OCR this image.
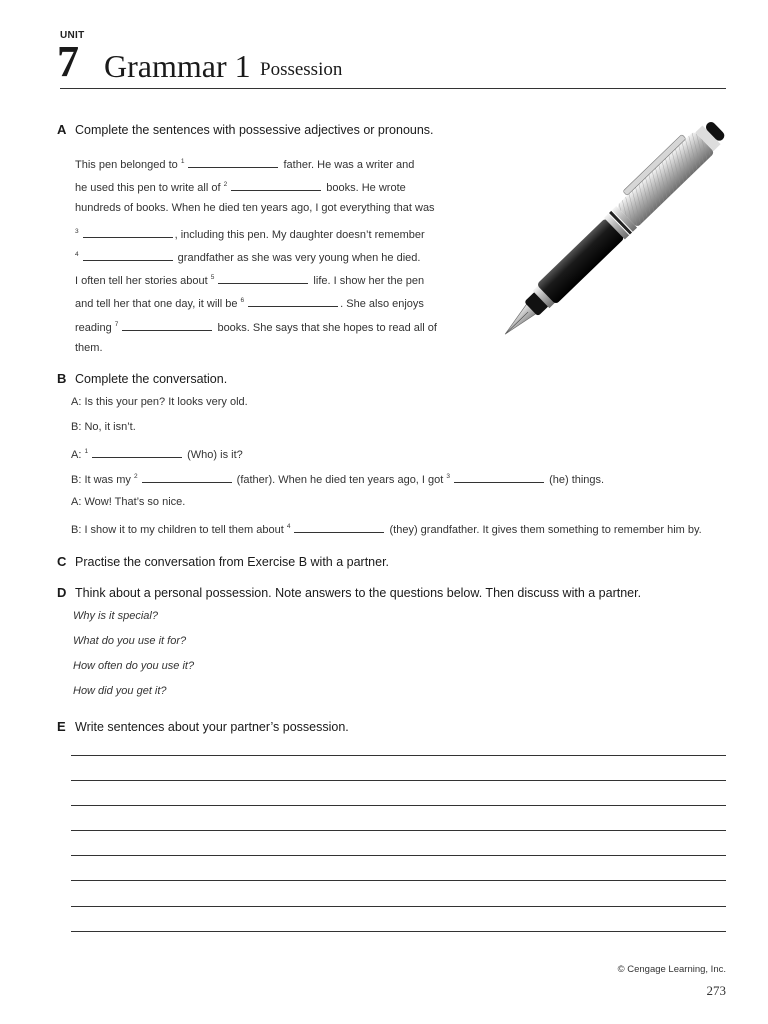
UNIT
7 Grammar 1 Possession
A Complete the sentences with possessive adjectives or pronouns.
This pen belonged to $^1$	father. He was a writer and
he used this pen to write all of $^2$	books. He wrote
hundreds of books. When he died ten years ago, I got everything that was
$^3$	, including this pen. My daughter doesn’t remember
$^4$	grandfather as she was very young when he died.
I often tell her stories about $^5$	life. I show her the pen
and tell her that one day, it will be $^6$	. She also enjoys
reading $^7$	books. She says that she hopes to read all of
them.
B Complete the conversation.
A: Is this your pen? It looks very old.
B: No, it isn’t.
A: $^1$	(Who) is it?
B: It was my $^2$	(father). When he died ten years ago, I got $^3$	(he) things.
A: Wow! That’s so nice.
B: I show it to my children to tell them about $^4$	(they) grandfather. It gives them something to remember him by.
C Practise the conversation from Exercise B with a partner.
D Think about a personal possession. Note answers to the questions below. Then discuss with a partner.
Why is it special?
What do you use it for?
How often do you use it?
How did you get it?
E Write sentences about your partner’s possession.
© Cengage Learning, Inc.
273
